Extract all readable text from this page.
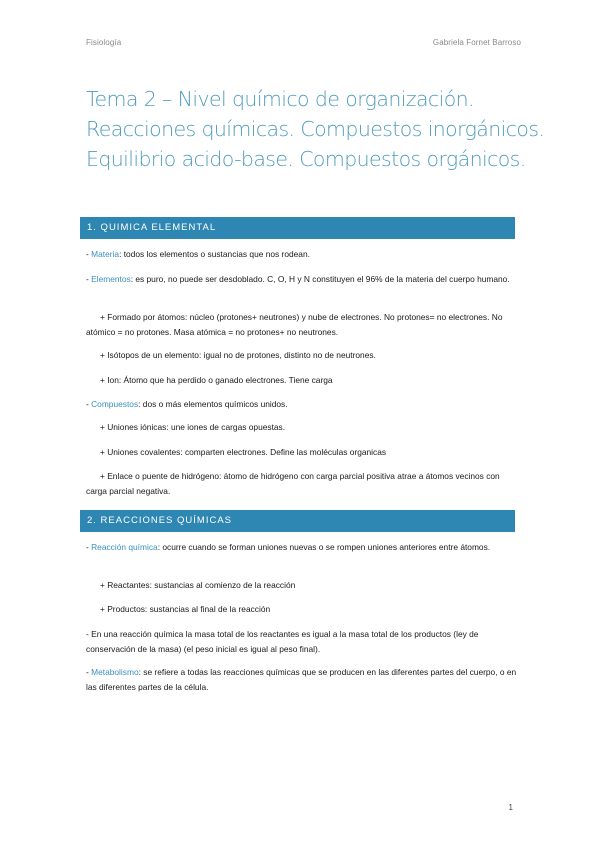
Fisiología	Gabriela Fornet Barroso
Tema 2 – Nivel químico de organización.
Reacciones químicas. Compuestos inorgánicos.
Equilibrio acido-base. Compuestos orgánicos.
1. QUIMICA ELEMENTAL
- Materia: todos los elementos o sustancias que nos rodean.
- Elementos: es puro, no puede ser desdoblado. C, O, H y N constituyen el 96% de la materia del cuerpo humano.
+ Formado por átomos: núcleo (protones+ neutrones) y nube de electrones. No protones= no electrones. No atómico = no protones. Masa atómica = no protones+ no neutrones.
+ Isótopos de un elemento: igual no de protones, distinto no de neutrones.
+ Ion: Átomo que ha perdido o ganado electrones. Tiene carga
- Compuestos: dos o más elementos químicos unidos.
+ Uniones iónicas: une iones de cargas opuestas.
+ Uniones covalentes: comparten electrones. Define las moléculas organicas
+ Enlace o puente de hidrógeno: átomo de hidrógeno con carga parcial positiva atrae a átomos vecinos con carga parcial negativa.
2. REACCIONES QUÍMICAS
- Reacción química: ocurre cuando se forman uniones nuevas o se rompen uniones anteriores entre átomos.
+ Reactantes: sustancias al comienzo de la reacción
+ Productos: sustancias al final de la reacción
- En una reacción química la masa total de los reactantes es igual a la masa total de los productos (ley de conservación de la masa) (el peso inicial es igual al peso final).
- Metabolismo: se refiere a todas las reacciones químicas que se producen en las diferentes partes del cuerpo, o en las diferentes partes de la célula.
1
